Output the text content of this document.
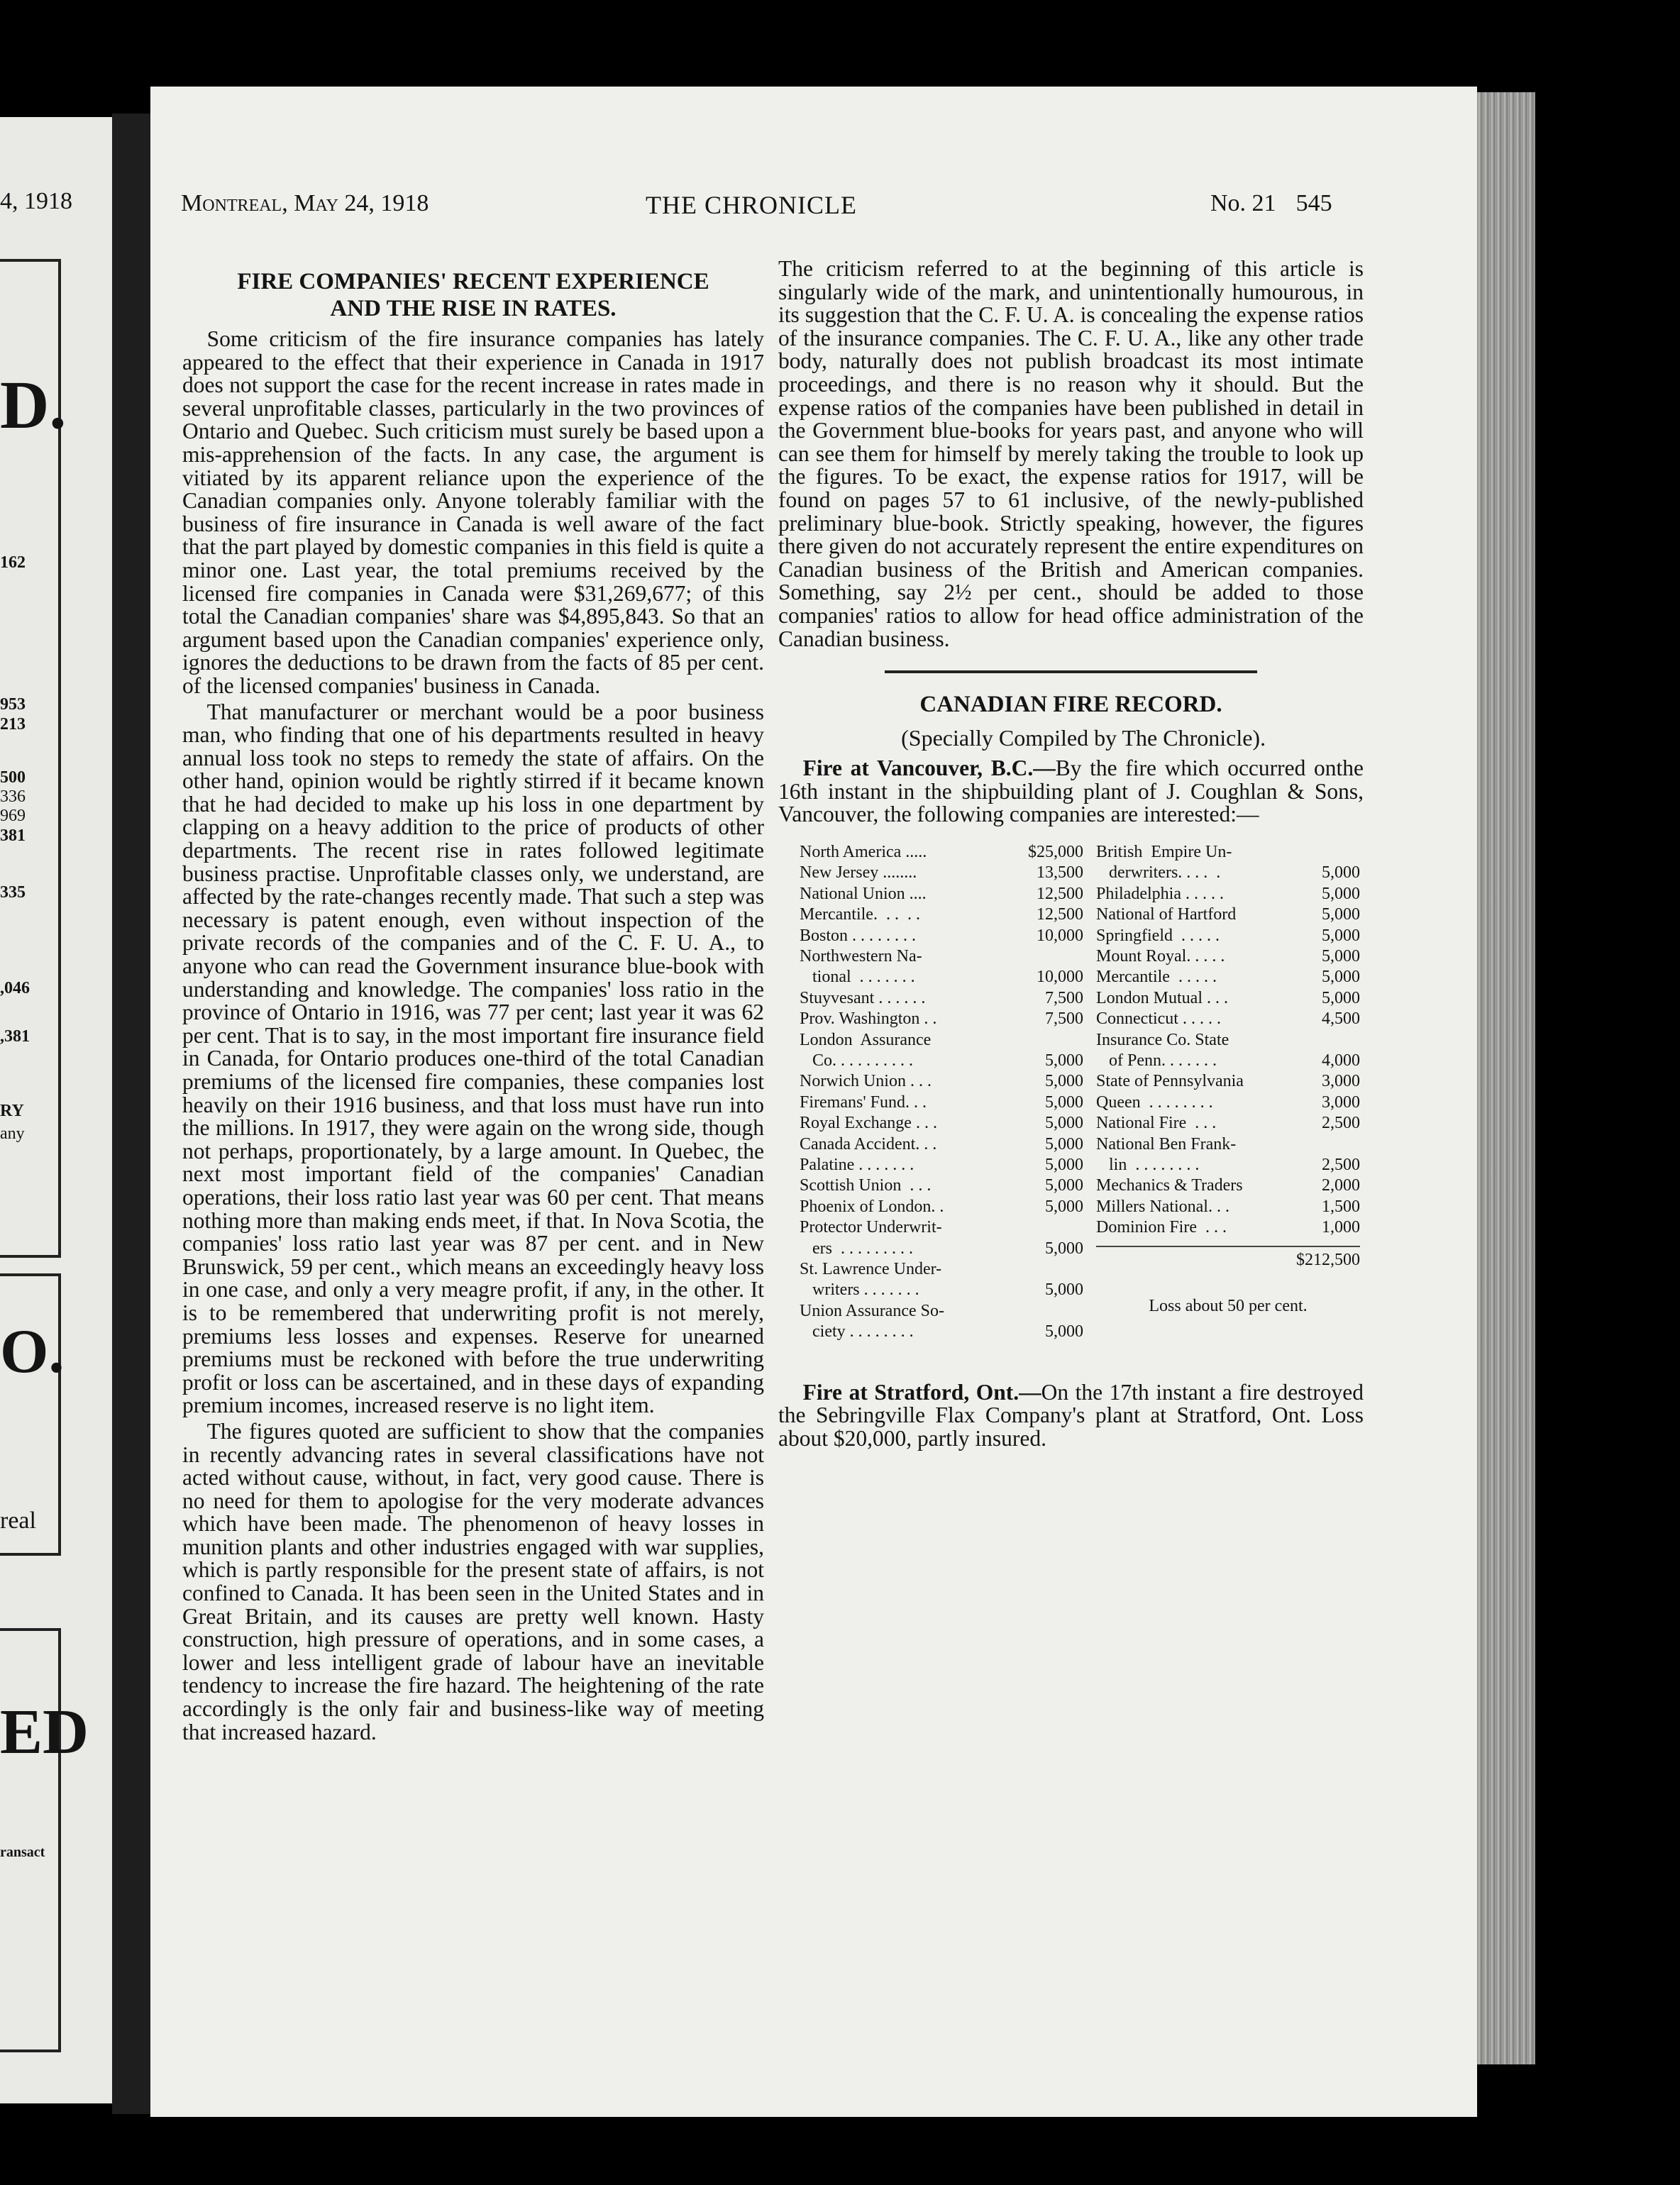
4, 1918
D.
162
953
213
500
336
969
381
335
,046
,381
RY
any
O.
real
ED
ransact
Montreal, May 24, 1918	THE CHRONICLE	No. 21 545

FIRE COMPANIES' RECENT EXPERIENCE
AND THE RISE IN RATES.

Some criticism of the fire insurance companies has lately appeared to the effect that their experience in Canada in 1917 does not support the case for the recent increase in rates made in several unprofitable classes, particularly in the two provinces of Ontario and Quebec. Such criticism must surely be based upon a mis-apprehension of the facts. In any case, the argument is vitiated by its apparent reliance upon the experience of the Canadian companies only. Anyone tolerably familiar with the business of fire insurance in Canada is well aware of the fact that the part played by domestic companies in this field is quite a minor one. Last year, the total premiums received by the licensed fire companies in Canada were $31,269,677; of this total the Canadian companies' share was $4,895,843. So that an argument based upon the Canadian companies' experience only, ignores the deductions to be drawn from the facts of 85 per cent. of the licensed companies' business in Canada.

That manufacturer or merchant would be a poor business man, who finding that one of his departments resulted in heavy annual loss took no steps to remedy the state of affairs. On the other hand, opinion would be rightly stirred if it became known that he had decided to make up his loss in one department by clapping on a heavy addition to the price of products of other departments. The recent rise in rates followed legitimate business practise. Unprofitable classes only, we understand, are affected by the rate-changes recently made. That such a step was necessary is patent enough, even without inspection of the private records of the companies and of the C. F. U. A., to anyone who can read the Government insurance blue-book with understanding and knowledge. The companies' loss ratio in the province of Ontario in 1916, was 77 per cent; last year it was 62 per cent. That is to say, in the most important fire insurance field in Canada, for Ontario produces one-third of the total Canadian premiums of the licensed fire companies, these companies lost heavily on their 1916 business, and that loss must have run into the millions. In 1917, they were again on the wrong side, though not perhaps, proportionately, by a large amount. In Quebec, the next most important field of the companies' Canadian operations, their loss ratio last year was 60 per cent. That means nothing more than making ends meet, if that. In Nova Scotia, the companies' loss ratio last year was 87 per cent. and in New Brunswick, 59 per cent., which means an exceedingly heavy loss in one case, and only a very meagre profit, if any, in the other. It is to be remembered that underwriting profit is not merely, premiums less losses and expenses. Reserve for unearned premiums must be reckoned with before the true underwriting profit or loss can be ascertained, and in these days of expanding premium incomes, increased reserve is no light item.

The figures quoted are sufficient to show that the companies in recently advancing rates in several classifications have not acted without cause, without, in fact, very good cause. There is no need for them to apologise for the very moderate advances which have been made. The phenomenon of heavy losses in munition plants and other industries engaged with war supplies, which is partly responsible for the present state of affairs, is not confined to Canada. It has been seen in the United States and in Great Britain, and its causes are pretty well known. Hasty construction, high pressure of operations, and in some cases, a lower and less intelligent grade of labour have an inevitable tendency to increase the fire hazard. The heightening of the rate accordingly is the only fair and business-like way of meeting that increased hazard.

The criticism referred to at the beginning of this article is singularly wide of the mark, and unintentionally humourous, in its suggestion that the C. F. U. A. is concealing the expense ratios of the insurance companies. The C. F. U. A., like any other trade body, naturally does not publish broadcast its most intimate proceedings, and there is no reason why it should. But the expense ratios of the companies have been published in detail in the Government blue-books for years past, and anyone who will can see them for himself by merely taking the trouble to look up the figures. To be exact, the expense ratios for 1917, will be found on pages 57 to 61 inclusive, of the newly-published preliminary blue-book. Strictly speaking, however, the figures there given do not accurately represent the entire expenditures on Canadian business of the British and American companies. Something, say 2½ per cent., should be added to those companies' ratios to allow for head office administration of the Canadian business.

CANADIAN FIRE RECORD.

(Specially Compiled by The Chronicle).

Fire at Vancouver, B.C.—By the fire which occurred onthe 16th instant in the shipbuilding plant of J. Coughlan & Sons, Vancouver, the following companies are interested:—

North America .....	$25,000
New Jersey ........	13,500
National Union ....	12,500
Mercantile.  . .  . .	12,500
Boston . . . . . . . .	10,000
Northwestern Na-
tional  . . . . . . .	10,000
Stuyvesant . . . . . .	7,500
Prov. Washington . .	7,500
London  Assurance
Co. . . . . . . . . .	5,000
Norwich Union . . .	5,000
Firemans' Fund. . .	5,000
Royal Exchange . . .	5,000
Canada Accident. . .	5,000
Palatine . . . . . . .	5,000
Scottish Union  . . .	5,000
Phoenix of London. .	5,000
Protector Underwrit-
ers  . . . . . . . . .	5,000
St. Lawrence Under-
writers . . . . . . .	5,000
Union Assurance So-
ciety . . . . . . . .	5,000
British  Empire Un-
derwriters. . . .  .	5,000
Philadelphia . . . . .	5,000
National of Hartford	5,000
Springfield  . . . . .	5,000
Mount Royal. . . . .	5,000
Mercantile  . . . . .	5,000
London Mutual . . .	5,000
Connecticut . . . . .	4,500
Insurance Co. State
of Penn. . . . . . .	4,000
State of Pennsylvania	3,000
Queen  . . . . . . . .	3,000
National Fire  . . .	2,500
National Ben Frank-
lin  . . . . . . . .	2,500
Mechanics & Traders	2,000
Millers National. . .	1,500
Dominion Fire  . . .	1,000
$212,500
Loss about 50 per cent.

Fire at Stratford, Ont.—On the 17th instant a fire destroyed the Sebringville Flax Company's plant at Stratford, Ont. Loss about $20,000, partly insured.
